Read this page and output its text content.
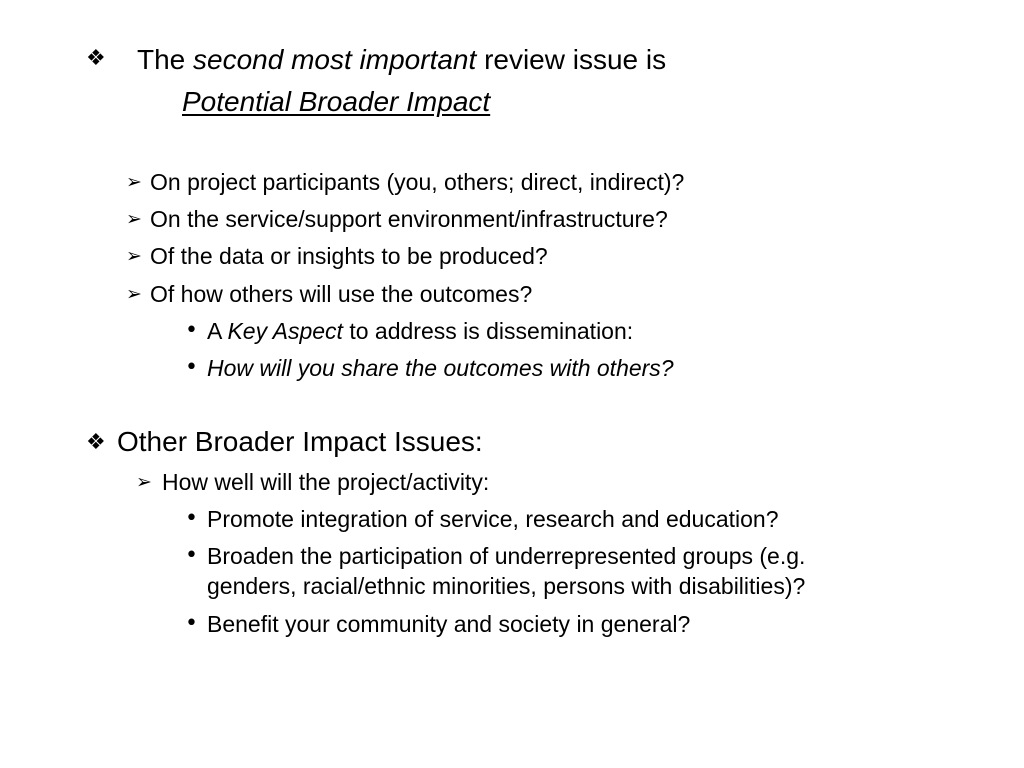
❖ The second most important review issue is
Potential Broader Impact
➢ On project participants (you, others; direct, indirect)?
➢ On the service/support environment/infrastructure?
➢ Of the data or insights to be produced?
➢ Of how others will use the outcomes?
• A Key Aspect to address is dissemination:
• How will you share the outcomes with others?
❖ Other Broader Impact Issues:
➢ How well will the project/activity:
• Promote integration of service, research and education?
• Broaden the participation of underrepresented groups (e.g.
genders, racial/ethnic minorities, persons with disabilities)?
• Benefit your community and society in general?
